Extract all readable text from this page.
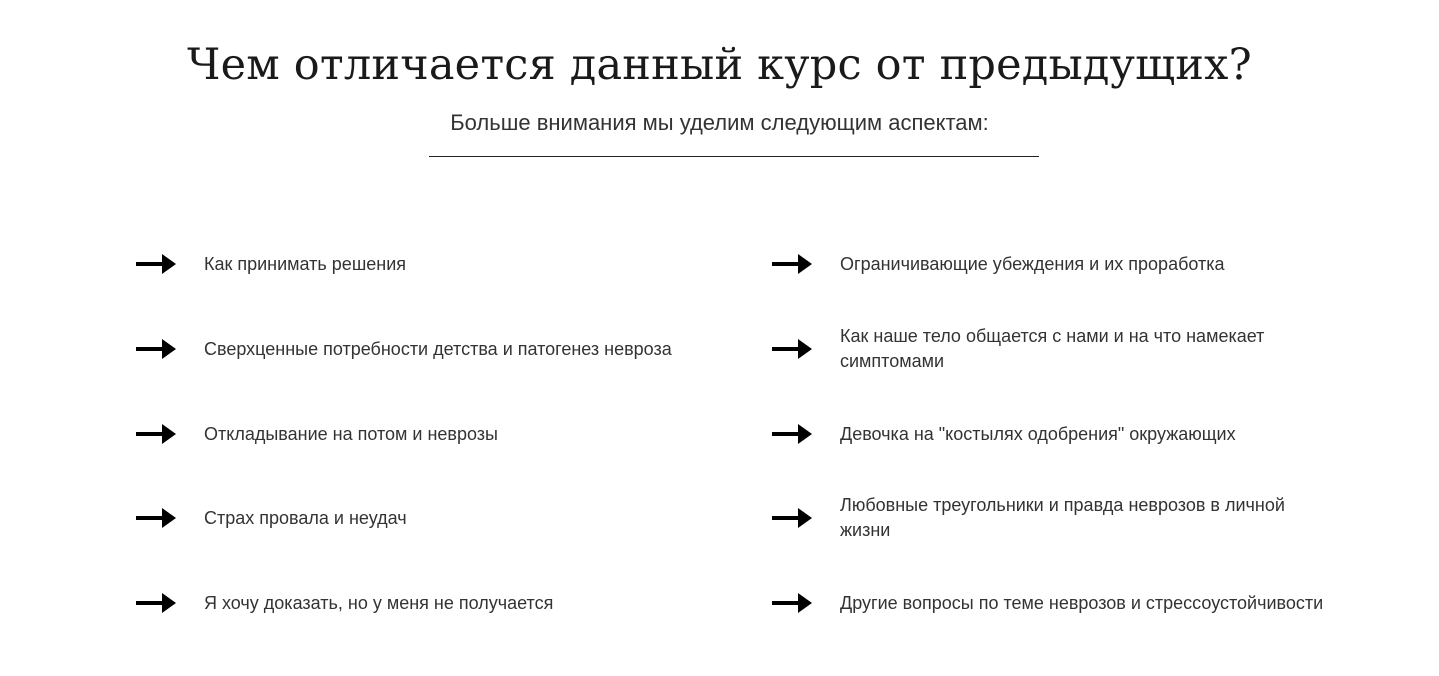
Чем отличается данный курс от предыдущих?

Больше внимания мы уделим следующим аспектам:

Как принимать решения
Сверхценные потребности детства и патогенез невроза
Откладывание на потом и неврозы
Страх провала и неудач
Я хочу доказать, но у меня не получается
Ограничивающие убеждения и их проработка
Как наше тело общается с нами и на что намекает симптомами
Девочка на "костылях одобрения" окружающих
Любовные треугольники и правда неврозов в личной жизни
Другие вопросы по теме неврозов и стрессоустойчивости
